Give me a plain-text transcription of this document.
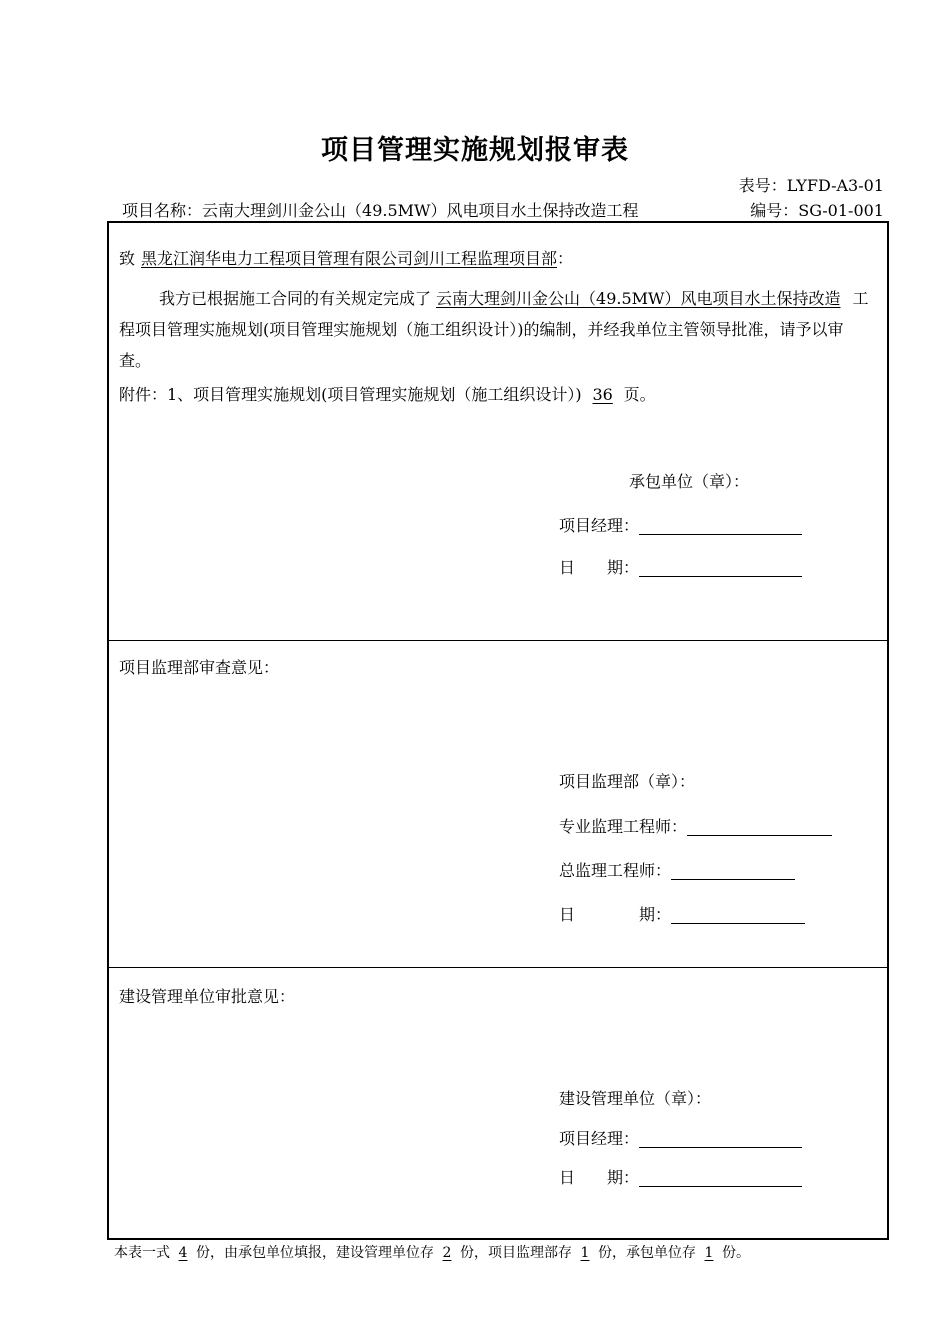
项目管理实施规划报审表
表号：LYFD-A3-01
项目名称：云南大理剑川金公山（49.5MW）风电项目水土保持改造工程	编号：SG-01-001
致 黑龙江润华电力工程项目管理有限公司剑川工程监理项目部：
我方已根据施工合同的有关规定完成了 云南大理剑川金公山（49.5MW）风电项目水土保持改造 工程项目管理实施规划(项目管理实施规划（施工组织设计）)的编制，并经我单位主管领导批准，请予以审查。
附件：1、项目管理实施规划(项目管理实施规划（施工组织设计）) 36 页。
承包单位（章）：
项目经理：
日　　期：
项目监理部审查意见：
项目监理部（章）：
专业监理工程师：
总监理工程师：
日　　　　期：
建设管理单位审批意见：
建设管理单位（章）：
项目经理：
日　　期：
本表一式 4 份，由承包单位填报，建设管理单位存 2 份，项目监理部存 1 份，承包单位存 1 份。
